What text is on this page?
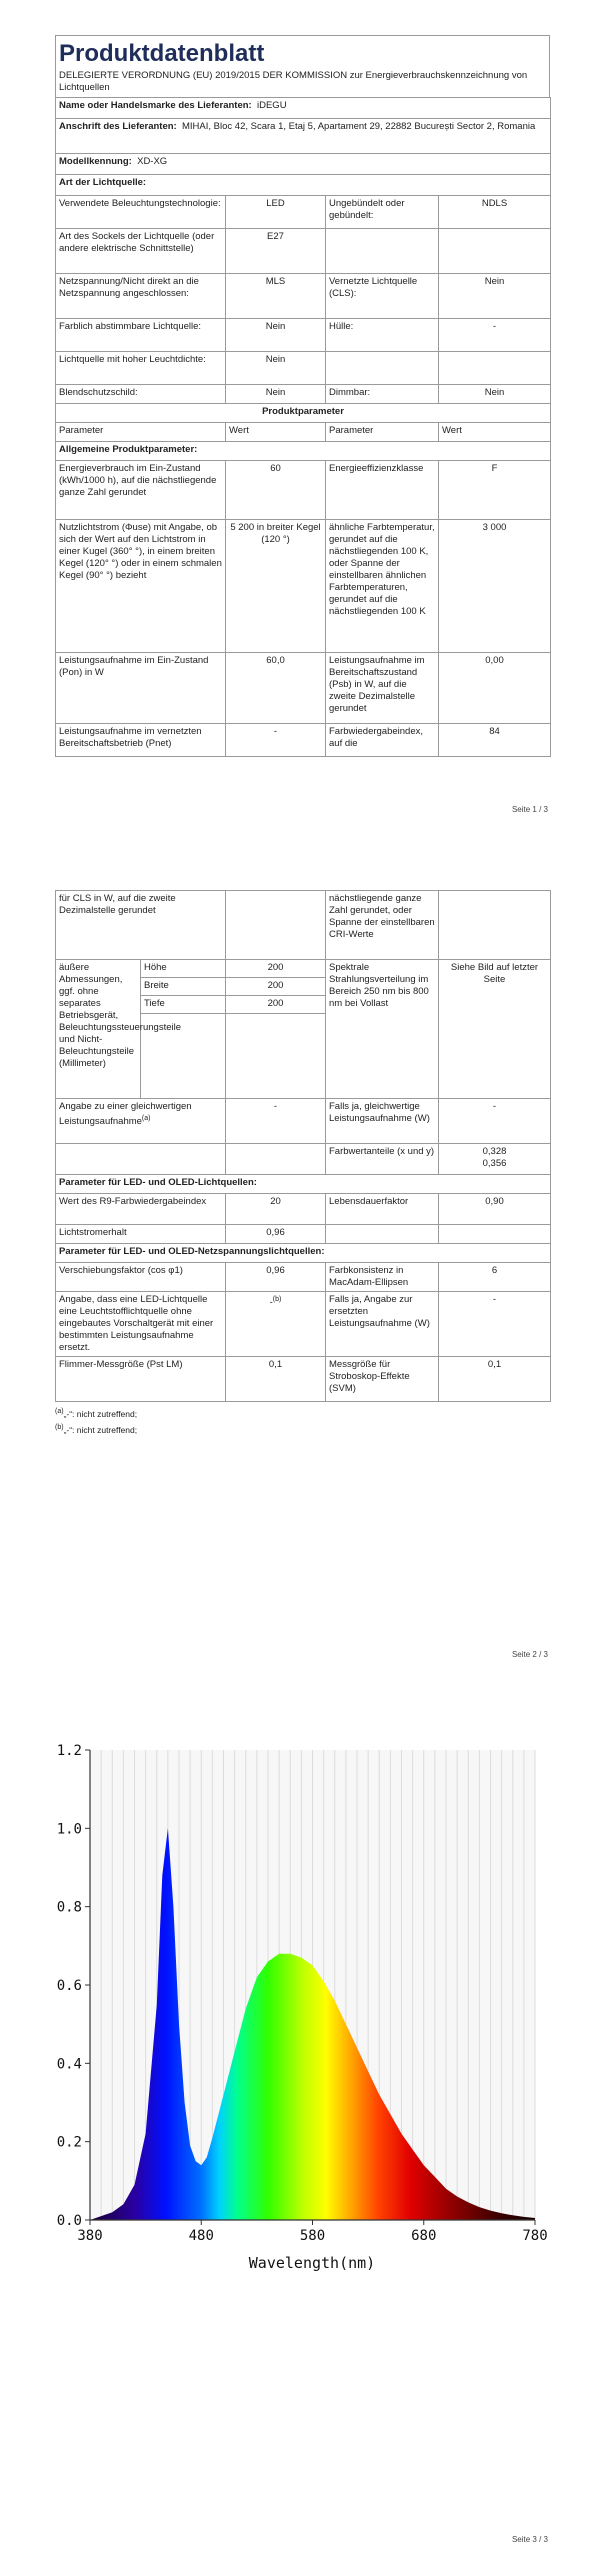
Produktdatenblatt
DELEGIERTE VERORDNUNG (EU) 2019/2015 DER KOMMISSION zur Energieverbrauchskennzeichnung von Lichtquellen
Name oder Handelsmarke des Lieferanten: iDEGU			
Anschrift des Lieferanten: MIHAI, Bloc 42, Scara 1, Etaj 5, Apartament 29, 22882 București Sector 2, Romania			
Modellkennung: XD-XG			
Art der Lichtquelle:			
Verwendete Beleuchtungstechnologie:	LED	Ungebündelt oder gebündelt:	NDLS
Art des Sockels der Lichtquelle (oder andere elektrische Schnittstelle)	E27		
Netzspannung/Nicht direkt an die Netzspannung angeschlossen:	MLS	Vernetzte Lichtquelle (CLS):	Nein
Farblich abstimmbare Lichtquelle:	Nein	Hülle:	-
Lichtquelle mit hoher Leuchtdichte:	Nein		
Blendschutzschild:	Nein	Dimmbar:	Nein
Produktparameter			
Parameter	Wert	Parameter	Wert
Allgemeine Produktparameter:			
Energieverbrauch im Ein-Zustand (kWh/1000 h), auf die nächstliegende ganze Zahl gerundet	60	Energieeffizienzklasse	F
Nutzlichtstrom (Φuse) mit Angabe, ob sich der Wert auf den Lichtstrom in einer Kugel (360° °), in einem breiten Kegel (120° °) oder in einem schmalen Kegel (90° °) bezieht	5 200 in breiter Kegel (120 °)	ähnliche Farbtemperatur, gerundet auf die nächstliegenden 100 K, oder Spanne der einstellbaren ähnlichen Farbtemperaturen, gerundet auf die nächstliegenden 100 K	3 000
Leistungsaufnahme im Ein-Zustand (Pon) in W	60,0	Leistungsaufnahme im Bereitschaftszustand (Psb) in W, auf die zweite Dezimalstelle gerundet	0,00
Leistungsaufnahme im vernetzten Bereitschaftsbetrieb (Pnet)	-	Farbwiedergabeindex, auf die	84
Seite 1 / 3
für CLS in W, auf die zweite Dezimalstelle gerundet			nächstliegende ganze Zahl gerundet, oder Spanne der einstellbaren CRI-Werte	
äußere Abmessungen, ggf. ohne separates Betriebsgerät, Beleuchtungssteuerungsteile und Nicht-Beleuchtungsteile (Millimeter)	Höhe	200	Spektrale Strahlungsverteilung im Bereich 250 nm bis 800 nm bei Vollast	Siehe Bild auf letzter Seite
	Breite	200		
	Tiefe	200		

Angabe zu einer gleichwertigen Leistungsaufnahme$^{(a)}$		-	Falls ja, gleichwertige Leistungsaufnahme (W)	-
			Farbwertanteile (x und y)	0,328
0,356

Parameter für LED- und OLED-Lichtquellen:				
Wert des R9-Farbwiedergabeindex		20	Lebensdauerfaktor	0,90
Lichtstromerhalt		0,96		
Parameter für LED- und OLED-Netzspannungslichtquellen:				
Verschiebungsfaktor (cos φ1)		0,96	Farbkonsistenz in MacAdam-Ellipsen	6
Angabe, dass eine LED-Lichtquelle eine Leuchtstofflichtquelle ohne eingebautes Vorschaltgerät mit einer bestimmten Leistungsaufnahme ersetzt.		-$^{(b)}$	Falls ja, Angabe zur ersetzten Leistungsaufnahme (W)	-
Flimmer-Messgröße (Pst LM)		0,1	Messgröße für Stroboskop-Effekte (SVM)	0,1
$^{(a)}$„-“: nicht zutreffend;
$^{(b)}$„-“: nicht zutreffend;
Seite 2 / 3
0.0
0.2
0.4
0.6
0.8
1.0
1.2
380	480	580	680	780
Wavelength(nm)
Seite 3 / 3
